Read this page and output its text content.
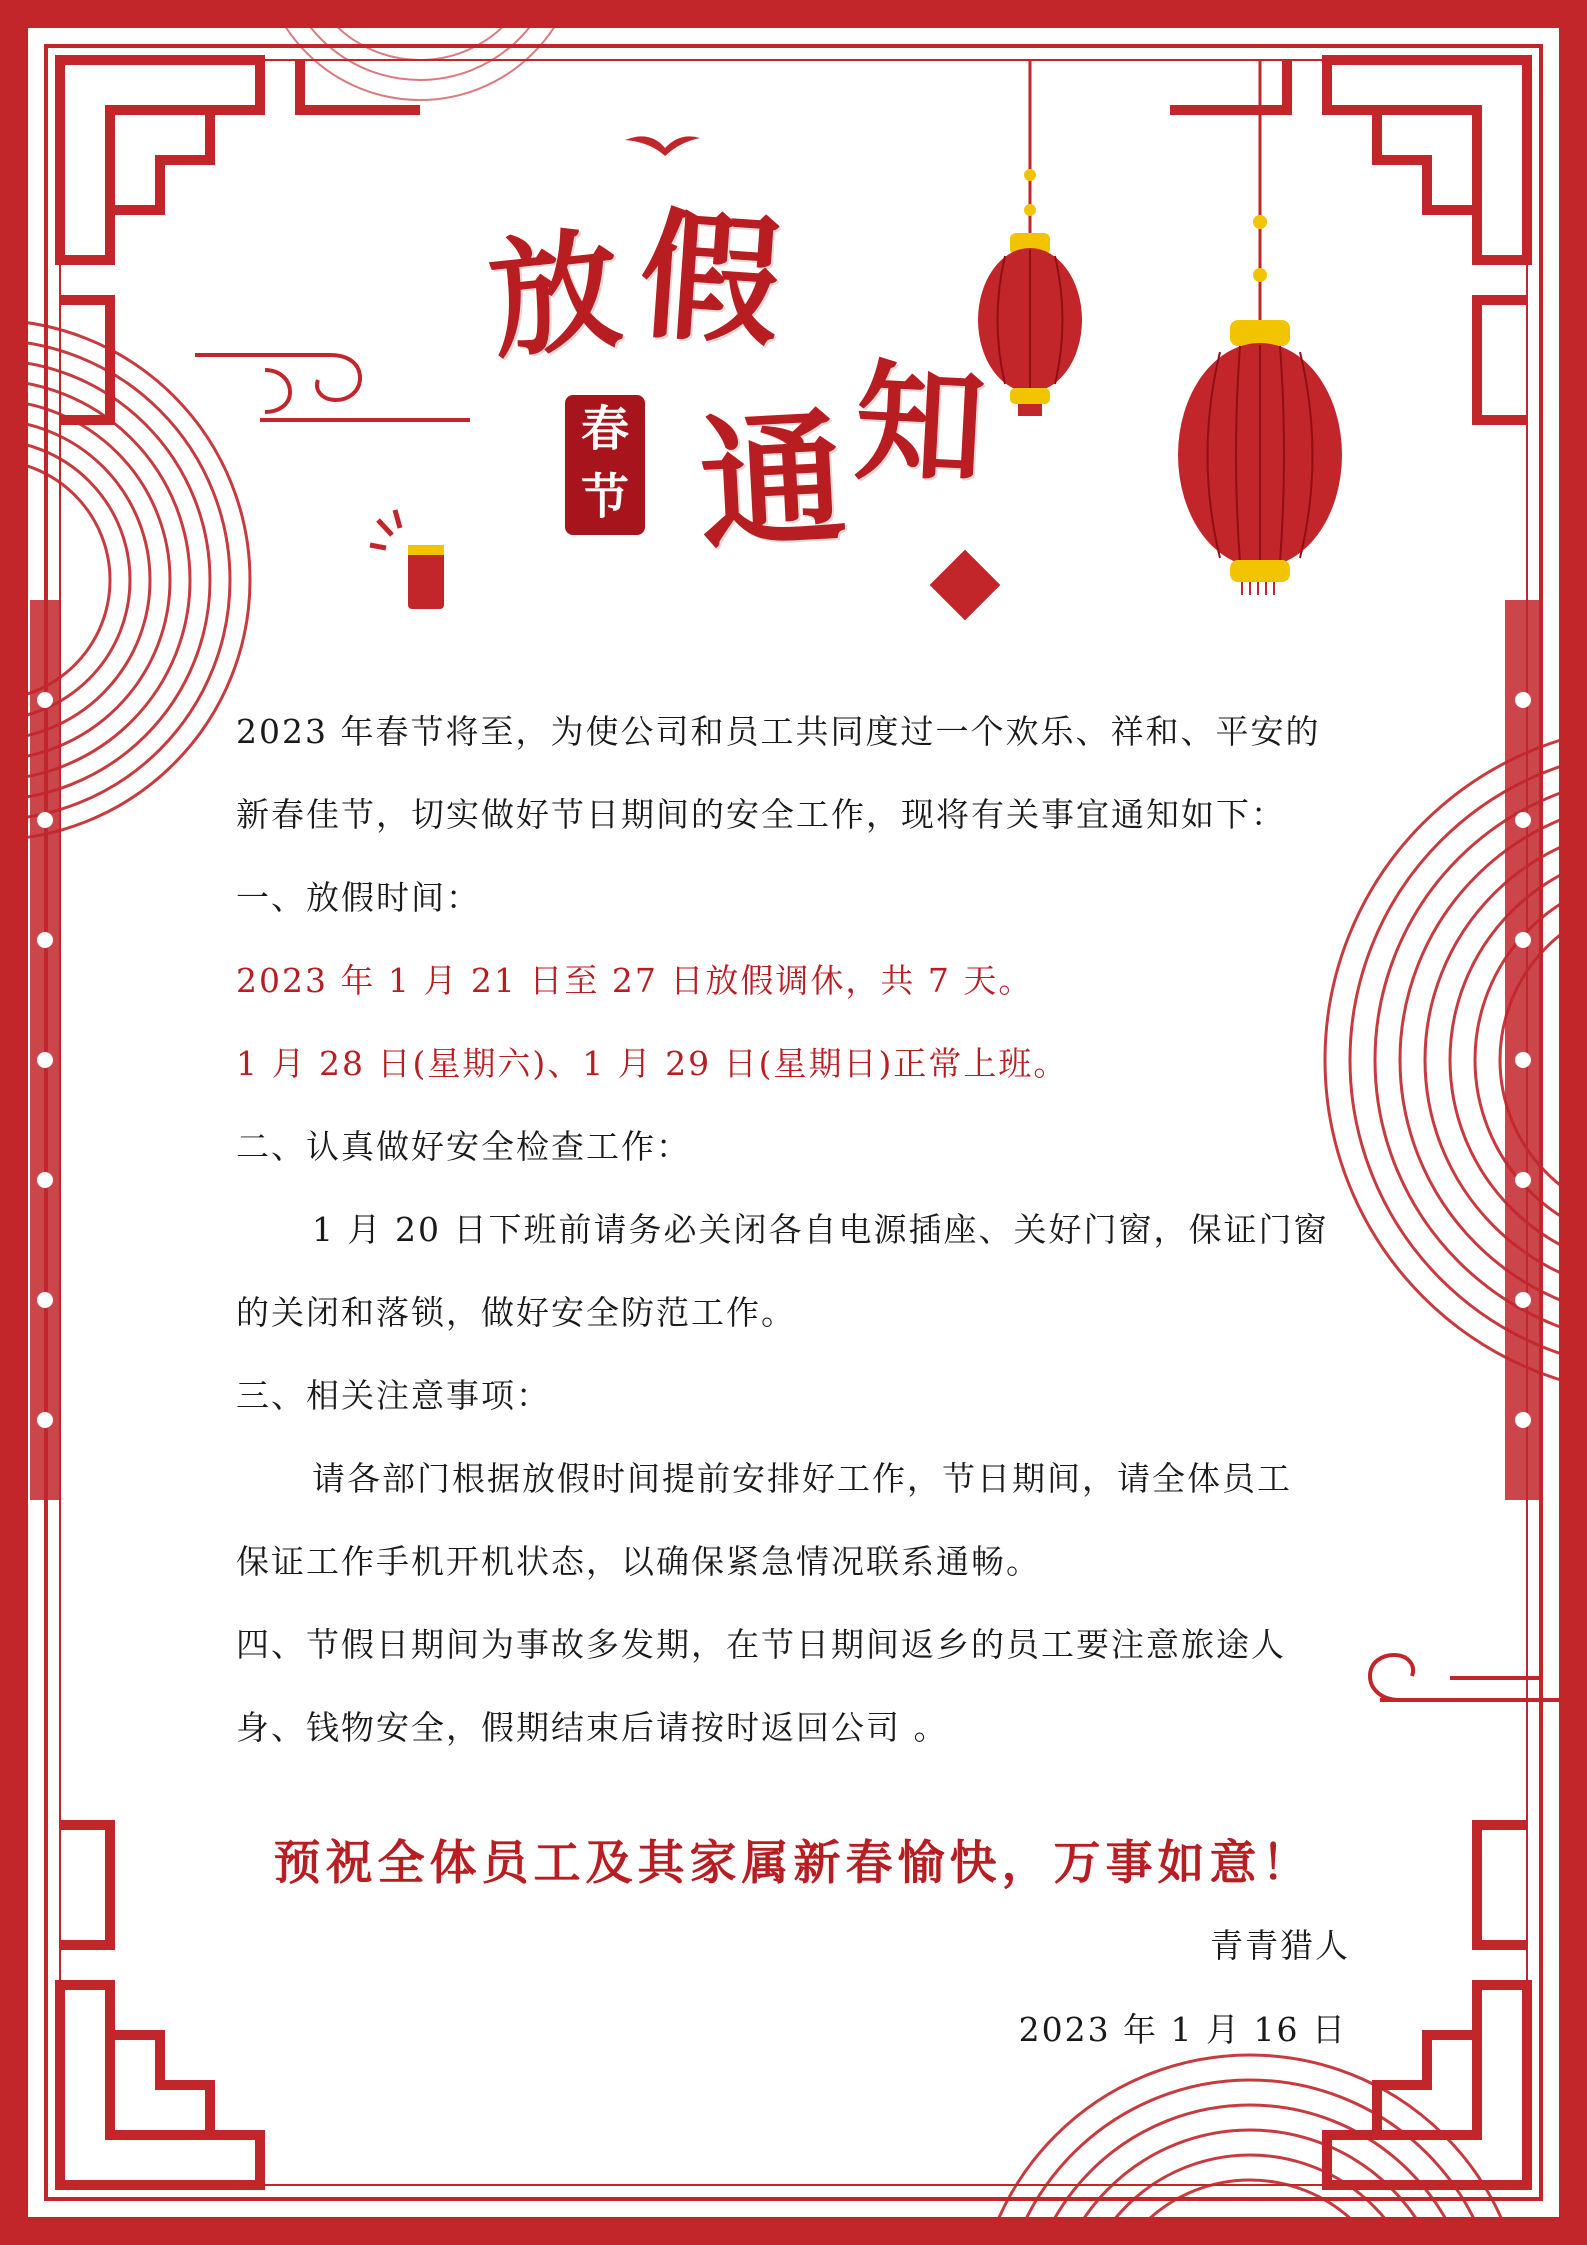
放 假
通 知
春
节

2023 年春节将至，为使公司和员工共同度过一个欢乐、祥和、平安的

新春佳节，切实做好节日期间的安全工作，现将有关事宜通知如下：

一、放假时间：

2023 年 1 月 21 日至 27 日放假调休，共 7 天。

1 月 28 日(星期六)、1 月 29 日(星期日)正常上班。

二、认真做好安全检查工作：

1 月 20 日下班前请务必关闭各自电源插座、关好门窗，保证门窗

的关闭和落锁，做好安全防范工作。

三、相关注意事项：

请各部门根据放假时间提前安排好工作，节日期间，请全体员工

保证工作手机开机状态，以确保紧急情况联系通畅。

四、节假日期间为事故多发期，在节日期间返乡的员工要注意旅途人

身、钱物安全，假期结束后请按时返回公司 。

预祝全体员工及其家属新春愉快，万事如意！
青青猎人
2023 年 1 月 16 日
